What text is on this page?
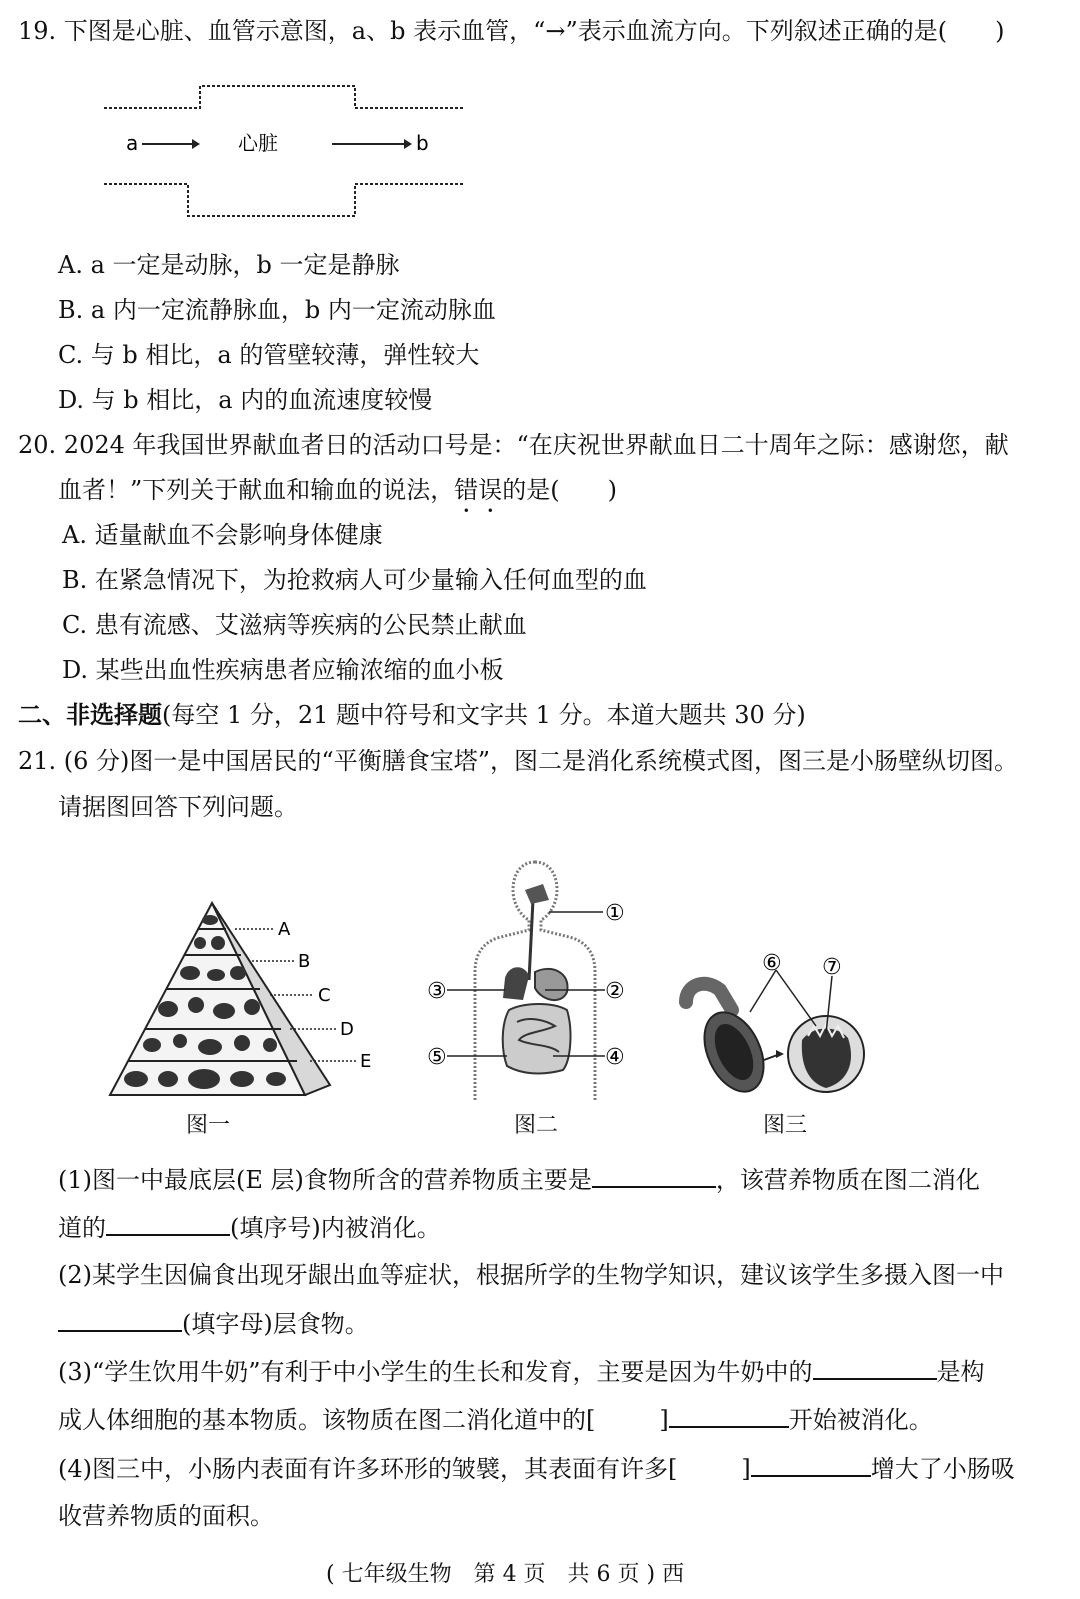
19. 下图是心脏、血管示意图，a、b 表示血管，“→”表示血流方向。下列叙述正确的是(　　)
a	心脏	b
A. a 一定是动脉，b 一定是静脉
B. a 内一定流静脉血，b 内一定流动脉血
C. 与 b 相比，a 的管壁较薄，弹性较大
D. 与 b 相比，a 内的血流速度较慢
20. 2024 年我国世界献血者日的活动口号是：“在庆祝世界献血日二十周年之际：感谢您，献
血者！”下列关于献血和输血的说法，错误的是(　　)
A. 适量献血不会影响身体健康
B. 在紧急情况下，为抢救病人可少量输入任何血型的血
C. 患有流感、艾滋病等疾病的公民禁止献血
D. 某些出血性疾病患者应输浓缩的血小板
二、非选择题(每空 1 分，21 题中符号和文字共 1 分。本道大题共 30 分)
21. (6 分)图一是中国居民的“平衡膳食宝塔”，图二是消化系统模式图，图三是小肠壁纵切图。
请据图回答下列问题。
A
B
C
D
E
图一
①
②
③
④
⑤
图二
⑥ ⑦
图三
(1)图一中最底层(E 层)食物所含的营养物质主要是	，该营养物质在图二消化
道的	(填序号)内被消化。
(2)某学生因偏食出现牙龈出血等症状，根据所学的生物学知识，建议该学生多摄入图一中
(填字母)层食物。
(3)“学生饮用牛奶”有利于中小学生的生长和发育，主要是因为牛奶中的	是构
成人体细胞的基本物质。该物质在图二消化道中的[	]	开始被消化。
(4)图三中，小肠内表面有许多环形的皱襞，其表面有许多[	]	增大了小肠吸
收营养物质的面积。
( 七年级生物　第 4 页　共 6 页 ) 西
